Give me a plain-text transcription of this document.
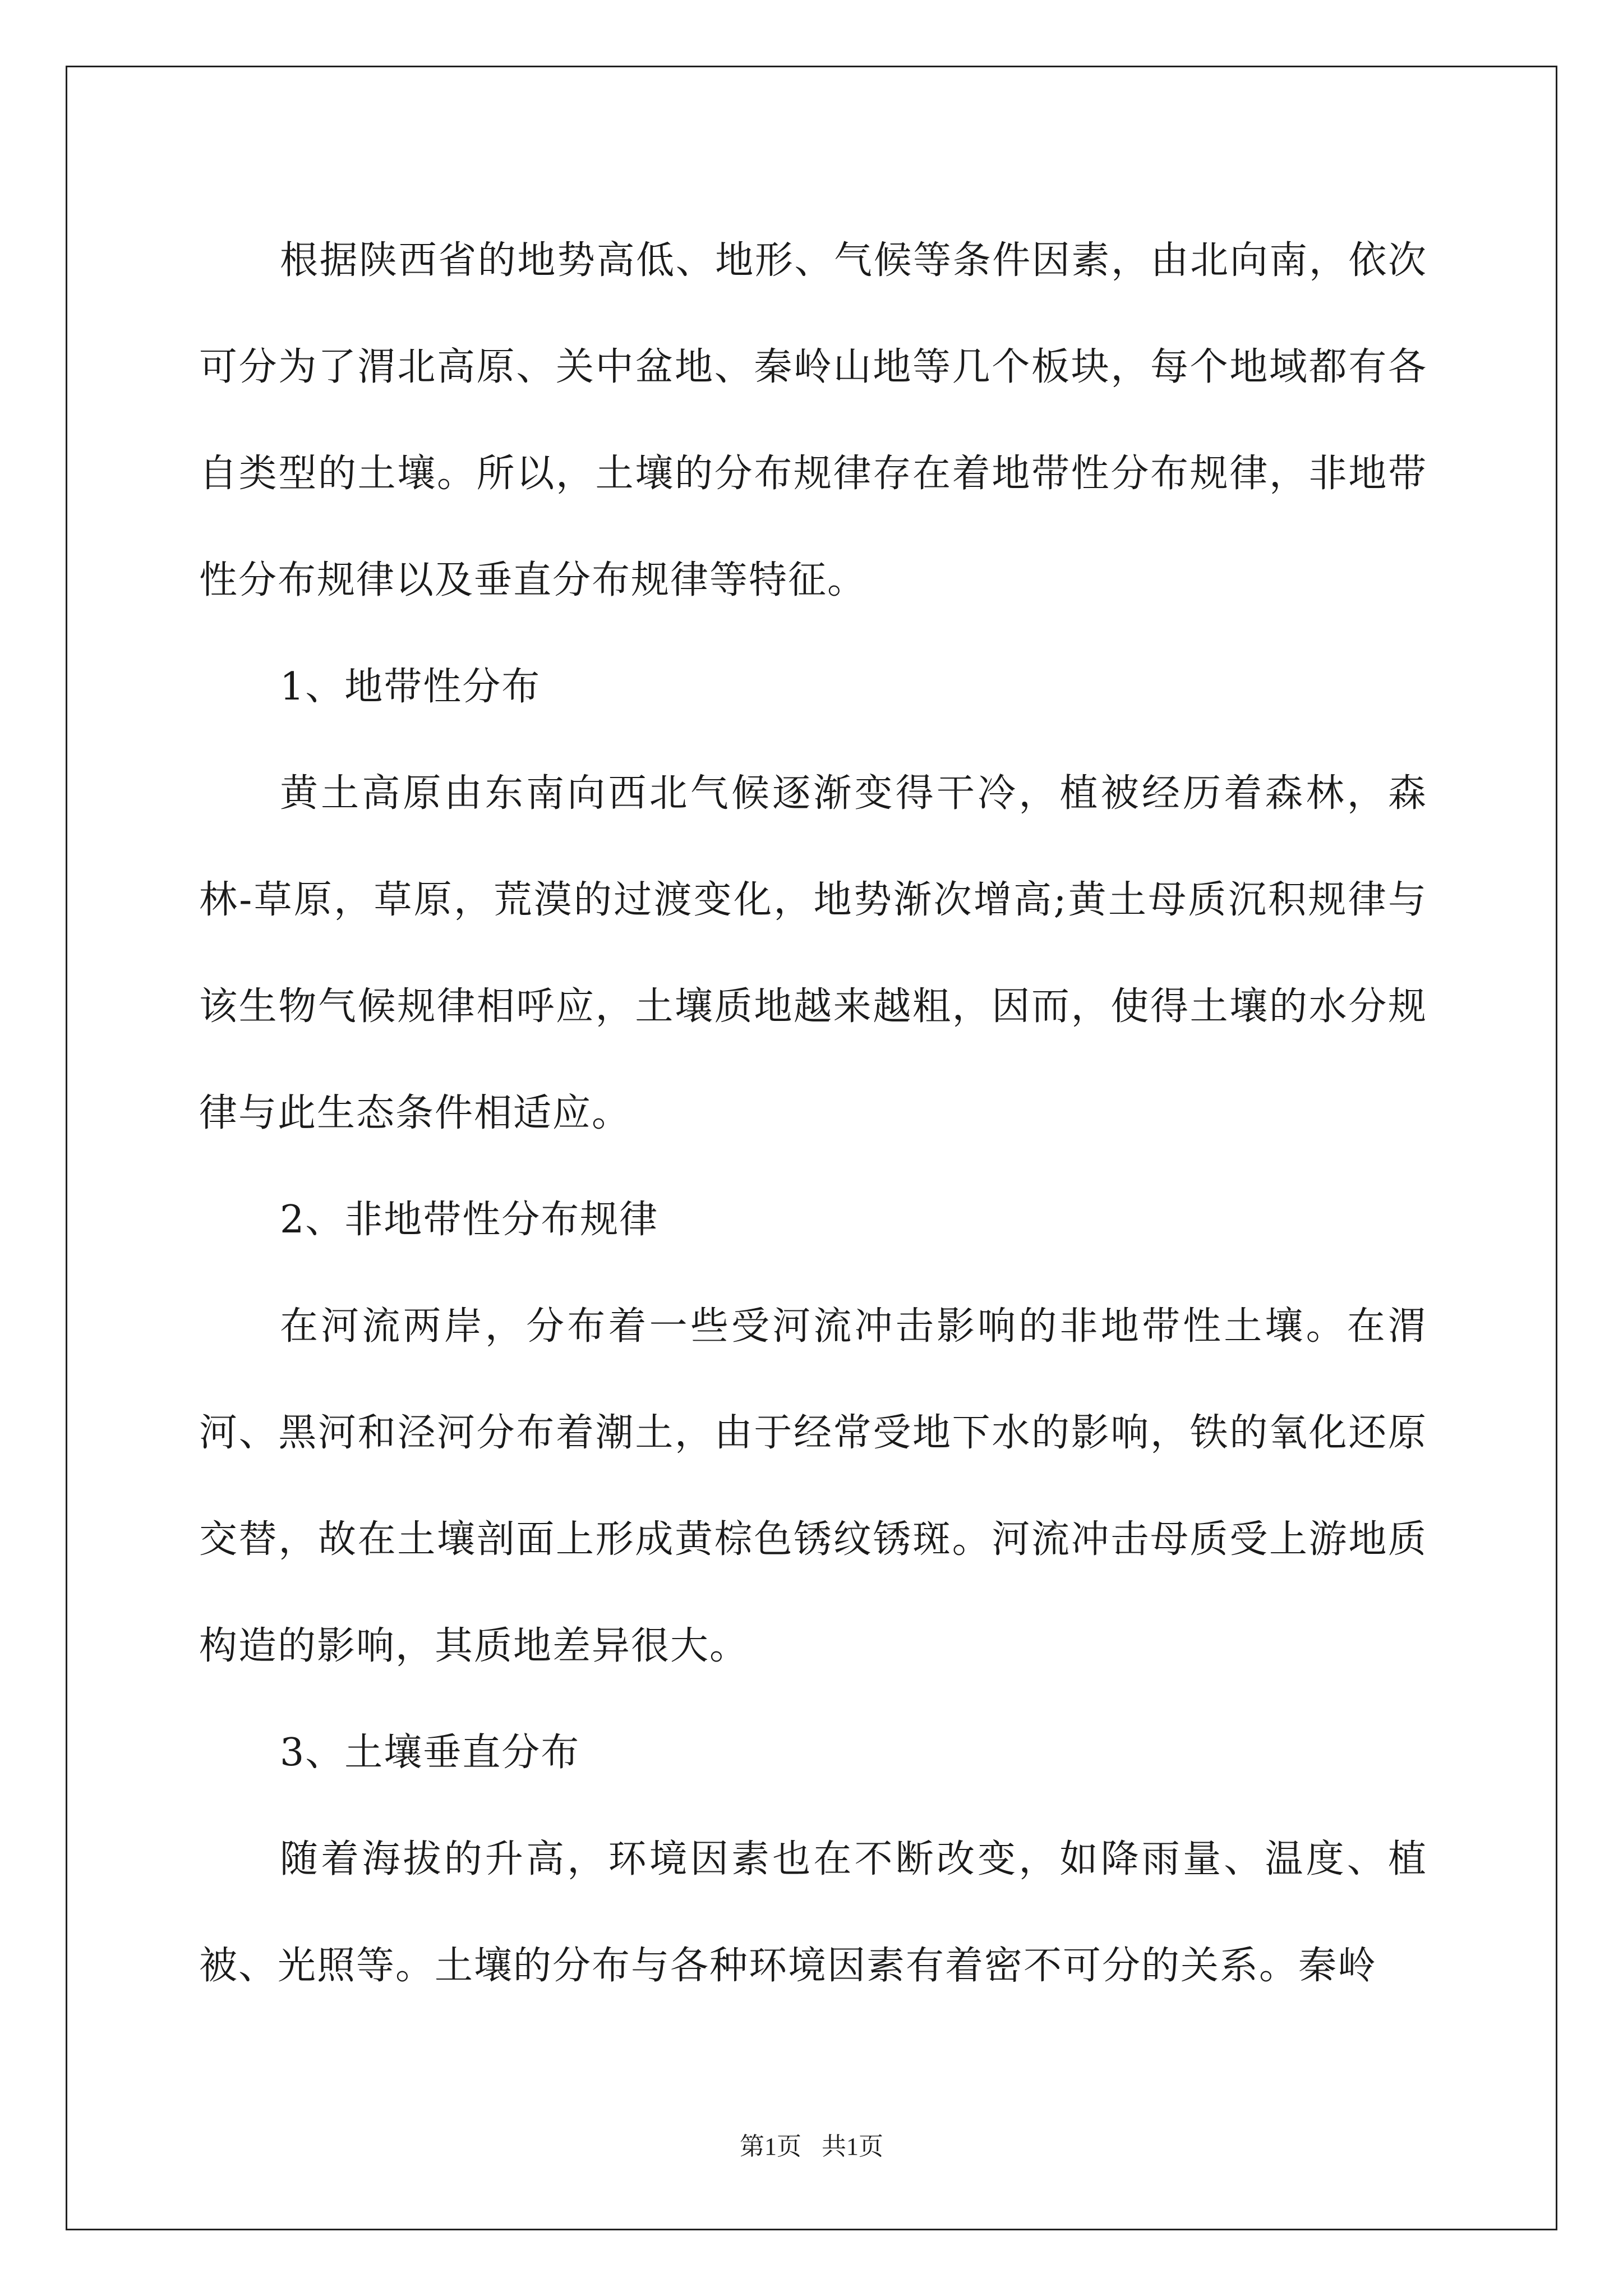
根据陕西省的地势高低、地形、气候等条件因素，由北向南，依次可分为了渭北高原、关中盆地、秦岭山地等几个板块，每个地域都有各自类型的土壤。所以，土壤的分布规律存在着地带性分布规律，非地带性分布规律以及垂直分布规律等特征。

1、地带性分布

黄土高原由东南向西北气候逐渐变得干冷，植被经历着森林，森林-草原，草原，荒漠的过渡变化，地势渐次增高;黄土母质沉积规律与该生物气候规律相呼应，土壤质地越来越粗，因而，使得土壤的水分规律与此生态条件相适应。

2、非地带性分布规律

在河流两岸，分布着一些受河流冲击影响的非地带性土壤。在渭河、黑河和泾河分布着潮土，由于经常受地下水的影响，铁的氧化还原交替，故在土壤剖面上形成黄棕色锈纹锈斑。河流冲击母质受上游地质构造的影响，其质地差异很大。

3、土壤垂直分布

随着海拔的升高，环境因素也在不断改变，如降雨量、温度、植被、光照等。土壤的分布与各种环境因素有着密不可分的关系。秦岭

第1页 共1页
